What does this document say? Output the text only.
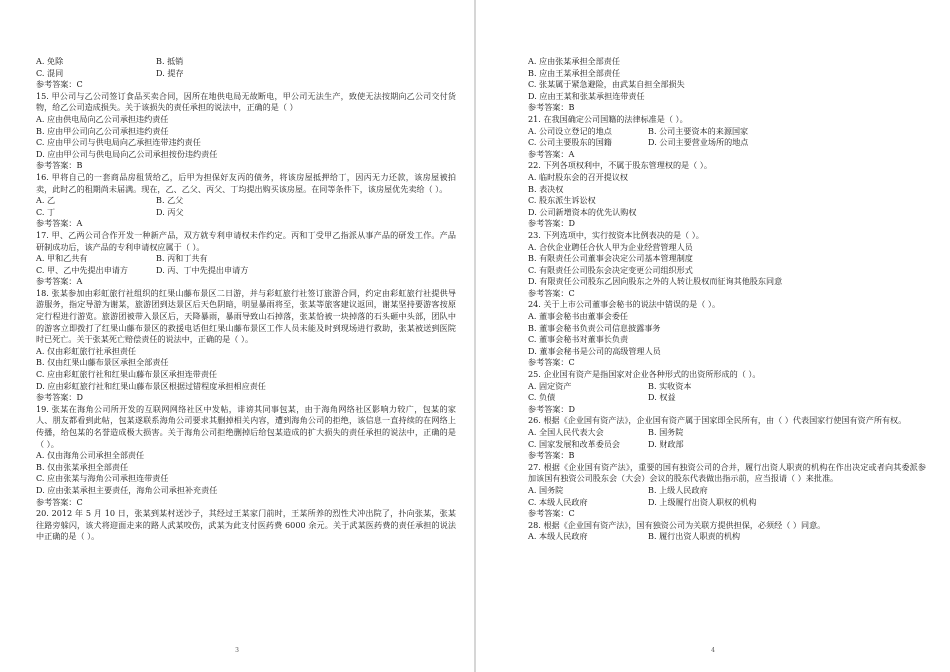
A. 免除	B. 抵销
C. 混同	D. 提存
参考答案：C
15. 甲公司与乙公司签订食品买卖合同，因所在地供电局无故断电，甲公司无法生产，致使无法按期向乙公司交付货物，给乙公司造成损失。关于该损失的责任承担的说法中，正确的是（ ）
A. 应由供电局向乙公司承担违约责任
B. 应由甲公司向乙公司承担违约责任
C. 应由甲公司与供电局向乙承担连带违约责任
D. 应由甲公司与供电局向乙公司承担按份违约责任
参考答案：B
16. 甲将自己的一套商品房租赁给乙，后甲为担保好友丙的债务，将该房屋抵押给丁，因丙无力还款，该房屋被拍卖，此时乙的租期尚未届满。现在，乙、乙父、丙父、丁均提出购买该房屋。在同等条件下，该房屋优先卖给（ ）。
A. 乙	B. 乙父
C. 丁	D. 丙父
参考答案：A
17. 甲、乙两公司合作开发一种新产品，双方就专利申请权未作约定。丙和丁受甲乙指派从事产品的研发工作。产品研制成功后，该产品的专利申请权应属于（ ）。
A. 甲和乙共有	B. 丙和丁共有
C. 甲、乙中先提出申请方	D. 丙、丁中先提出申请方
参考答案：A
18. 张某参加由彩虹旅行社组织的红果山藤布景区二日游，并与彩虹旅行社签订旅游合同，约定由彩虹旅行社提供导游服务，指定导游为谢某，旅游团到达景区后天色阴暗，明显暴雨将至，张某等旅客建议返回，谢某坚持要游客按原定行程进行游览。旅游团被带入景区后，天降暴雨，暴雨导致山石掉落，张某恰被一块掉落的石头砸中头部，团队中的游客立即拨打了红果山藤布景区的救援电话但红果山藤布景区工作人员未能及时到现场进行救助，张某被送到医院时已死亡。关于张某死亡赔偿责任的说法中，正确的是（ ）。
A. 仅由彩虹旅行社承担责任
B. 仅由红果山藤布景区承担全部责任
C. 应由彩虹旅行社和红果山藤布景区承担连带责任
D. 应由彩虹旅行社和红果山藤布景区根据过错程度承担相应责任
参考答案：D
19. 张某在海角公司所开发的互联网网络社区中发帖，诽谤其同事包某，由于海角网络社区影响力较广，包某的家人、朋友都看到此帖，包某遂联系海角公司要求其删掉相关内容，遭到海角公司的拒绝，该信息一直持续的在网络上传播，给包某的名誉造成极大损害。关于海角公司拒绝删掉后给包某造成的扩大损失的责任承担的说法中，正确的是（ ）。
A. 仅由海角公司承担全部责任
B. 仅由张某承担全部责任
C. 应由张某与海角公司承担连带责任
D. 应由张某承担主要责任，海角公司承担补充责任
参考答案：C
20. 2012 年 5 月 10 日，张某到某村送沙子，其经过王某家门前时，王某所养的烈性犬冲出院了，扑向张某，张某往路旁躲闪，该犬将迎面走来的路人武某咬伤，武某为此支付医药费 6000 余元。关于武某医药费的责任承担的说法中正确的是（ ）。
3
A. 应由张某承担全部责任
B. 应由王某承担全部责任
C. 张某属于紧急避险，由武某自担全部损失
D. 应由王某和张某承担连带责任
参考答案：B
21. 在我国确定公司国籍的法律标准是（ ）。
A. 公司设立登记的地点	B. 公司主要资本的来源国家
C. 公司主要股东的国籍	D. 公司主要营业场所的地点
参考答案：A
22. 下列各项权利中，不属于股东管理权的是（ ）。
A. 临时股东会的召开提议权
B. 表决权
C. 股东派生诉讼权
D. 公司新增资本的优先认购权
参考答案：D
23. 下列选项中，实行按资本比例表决的是（ ）。
A. 合伙企业聘任合伙人甲为企业经营管理人员
B. 有限责任公司董事会决定公司基本管理制度
C. 有限责任公司股东会决定变更公司组织形式
D. 有限责任公司股东乙因向股东之外的人转让股权而征询其他股东同意
参考答案：C
24. 关于上市公司董事会秘书的说法中错误的是（ ）。
A. 董事会秘书由董事会委任
B. 董事会秘书负责公司信息披露事务
C. 董事会秘书对董事长负责
D. 董事会秘书是公司的高级管理人员
参考答案：C
25. 企业国有资产是指国家对企业各种形式的出资所形成的（ ）。
A. 固定资产	B. 实收资本
C. 负债	D. 权益
参考答案：D
26. 根据《企业国有资产法》，企业国有资产属于国家即全民所有，由（ ）代表国家行使国有资产所有权。
A. 全国人民代表大会	B. 国务院
C. 国家发展和改革委员会	D. 财政部
参考答案：B
27. 根据《企业国有资产法》，重要的国有独资公司的合并，履行出资人职责的机构在作出决定或者向其委派参加该国有独资公司股东会（大会）会议的股东代表做出指示前，应当报请（ ）来批准。
A. 国务院	B. 上级人民政府
C. 本级人民政府	D. 上级履行出资人职权的机构
参考答案：C
28. 根据《企业国有资产法》，国有独资公司为关联方提供担保，必须经（ ）同意。
A. 本级人民政府	B. 履行出资人职责的机构
4
